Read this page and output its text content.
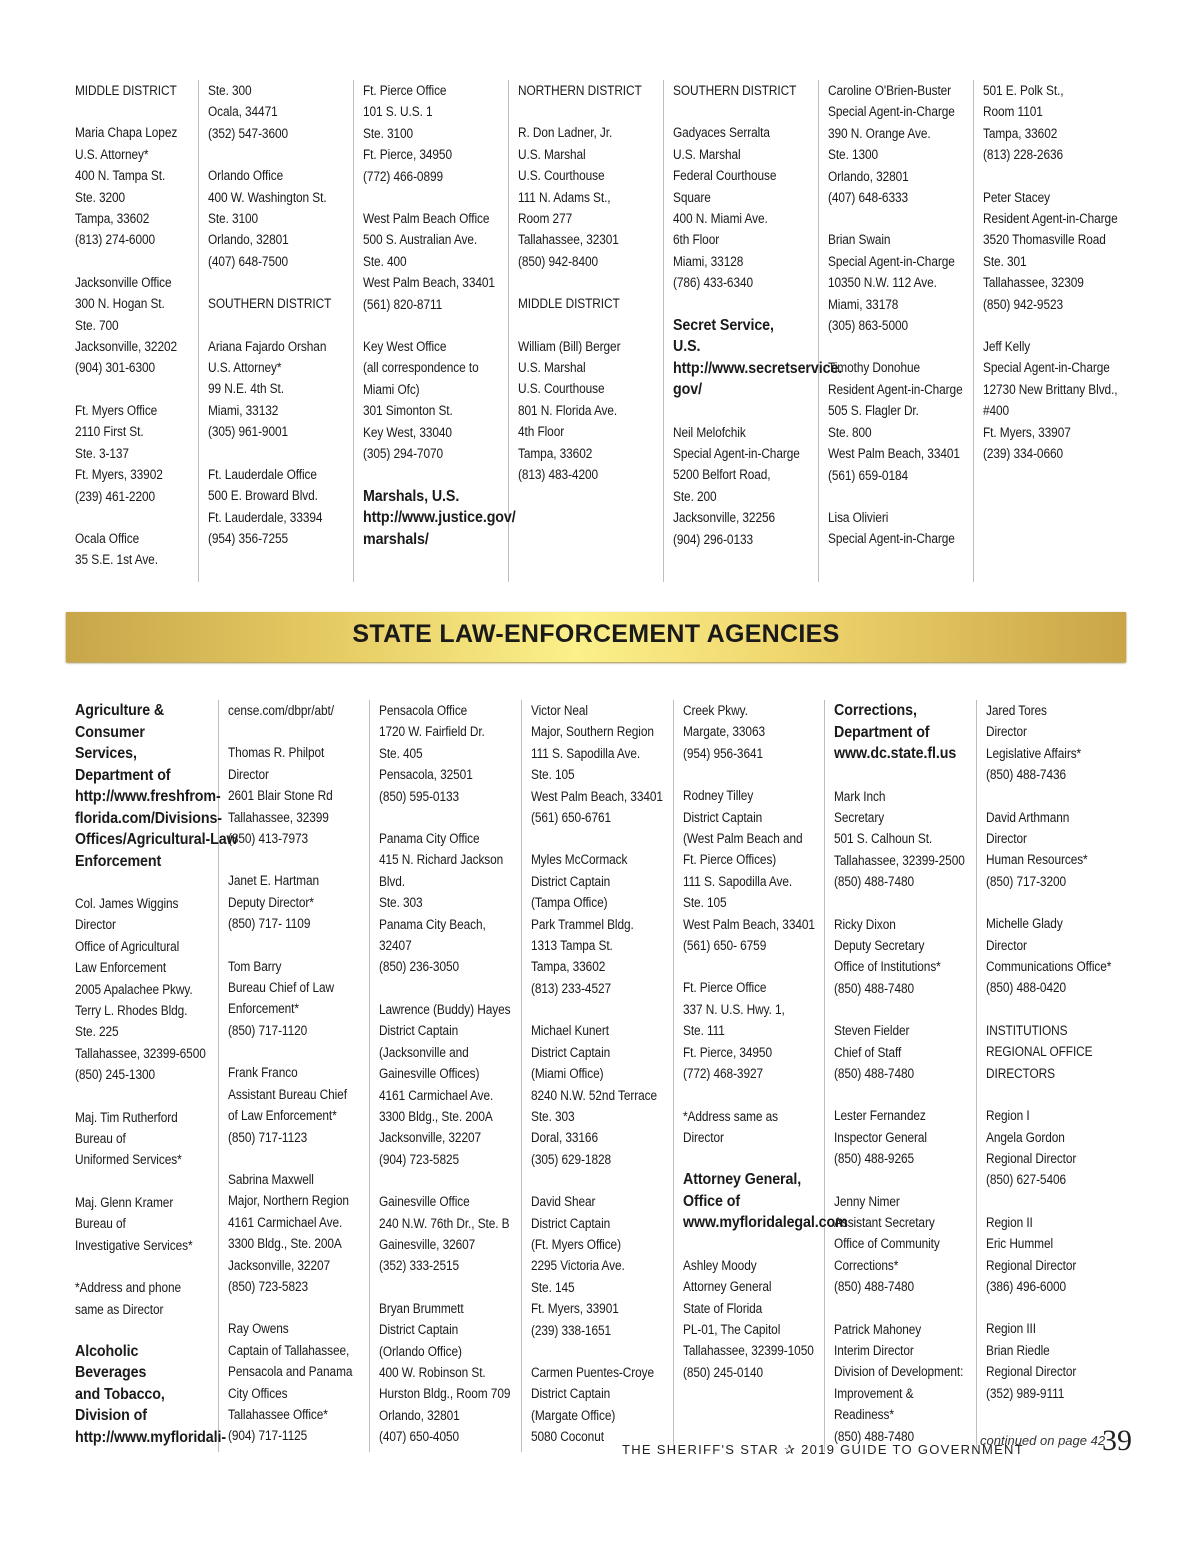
MIDDLE DISTRICT

Maria Chapa Lopez
U.S. Attorney*
400 N. Tampa St.
Ste. 3200
Tampa, 33602
(813) 274-6000

Jacksonville Office
300 N. Hogan St.
Ste. 700
Jacksonville, 32202
(904) 301-6300

Ft. Myers Office
2110 First St.
Ste. 3-137
Ft. Myers, 33902
(239) 461-2200

Ocala Office
35 S.E. 1st Ave.

Ste. 300
Ocala, 34471
(352) 547-3600

Orlando Office
400 W. Washington St.
Ste. 3100
Orlando, 32801
(407) 648-7500

SOUTHERN DISTRICT

Ariana Fajardo Orshan
U.S. Attorney*
99 N.E. 4th St.
Miami, 33132
(305) 961-9001

Ft. Lauderdale Office
500 E. Broward Blvd.
Ft. Lauderdale, 33394
(954) 356-7255

Ft. Pierce Office
101 S. U.S. 1
Ste. 3100
Ft. Pierce, 34950
(772) 466-0899

West Palm Beach Office
500 S. Australian Ave.
Ste. 400
West Palm Beach, 33401
(561) 820-8711

Key West Office
(all correspondence to
Miami Ofc)
301 Simonton St.
Key West, 33040
(305) 294-7070

Marshals, U.S.
http://www.justice.gov/
marshals/

NORTHERN DISTRICT

R. Don Ladner, Jr.
U.S. Marshal
U.S. Courthouse
111 N. Adams St.,
Room 277
Tallahassee, 32301
(850) 942-8400

MIDDLE DISTRICT

William (Bill) Berger
U.S. Marshal
U.S. Courthouse
801 N. Florida Ave.
4th Floor
Tampa, 33602
(813) 483-4200

SOUTHERN DISTRICT

Gadyaces Serralta
U.S. Marshal
Federal Courthouse
Square
400 N. Miami Ave.
6th Floor
Miami, 33128
(786) 433-6340

Secret Service,
U.S.
http://www.secretservice.
gov/

Neil Melofchik
Special Agent-in-Charge
5200 Belfort Road,
Ste. 200
Jacksonville, 32256
(904) 296-0133

Caroline O'Brien-Buster
Special Agent-in-Charge
390 N. Orange Ave.
Ste. 1300
Orlando, 32801
(407) 648-6333

Brian Swain
Special Agent-in-Charge
10350 N.W. 112 Ave.
Miami, 33178
(305) 863-5000

Timothy Donohue
Resident Agent-in-Charge
505 S. Flagler Dr.
Ste. 800
West Palm Beach, 33401
(561) 659-0184

Lisa Olivieri
Special Agent-in-Charge

501 E. Polk St.,
Room 1101
Tampa, 33602
(813) 228-2636

Peter Stacey
Resident Agent-in-Charge
3520 Thomasville Road
Ste. 301
Tallahassee, 32309
(850) 942-9523

Jeff Kelly
Special Agent-in-Charge
12730 New Brittany Blvd.,
#400
Ft. Myers, 33907
(239) 334-0660

STATE LAW-ENFORCEMENT AGENCIES

Agriculture &
Consumer
Services,
Department of
http://www.freshfrom-
florida.com/Divisions-
Offices/Agricultural-Law
Enforcement

Col. James Wiggins
Director
Office of Agricultural
Law Enforcement
2005 Apalachee Pkwy.
Terry L. Rhodes Bldg.
Ste. 225
Tallahassee, 32399-6500
(850) 245-1300

Maj. Tim Rutherford
Bureau of
Uniformed Services*

Maj. Glenn Kramer
Bureau of
Investigative Services*

*Address and phone
same as Director

Alcoholic
Beverages
and Tobacco,
Division of
http://www.myfloridali-

cense.com/dbpr/abt/

Thomas R. Philpot
Director
2601 Blair Stone Rd
Tallahassee, 32399
(850) 413-7973

Janet E. Hartman
Deputy Director*
(850) 717- 1109

Tom Barry
Bureau Chief of Law
Enforcement*
(850) 717-1120

Frank Franco
Assistant Bureau Chief
of Law Enforcement*
(850) 717-1123

Sabrina Maxwell
Major, Northern Region
4161 Carmichael Ave.
3300 Bldg., Ste. 200A
Jacksonville, 32207
(850) 723-5823

Ray Owens
Captain of Tallahassee,
Pensacola and Panama
City Offices
Tallahassee Office*
(904) 717-1125

Pensacola Office
1720 W. Fairfield Dr.
Ste. 405
Pensacola, 32501
(850) 595-0133

Panama City Office
415 N. Richard Jackson
Blvd.
Ste. 303
Panama City Beach,
32407
(850) 236-3050

Lawrence (Buddy) Hayes
District Captain
(Jacksonville and
Gainesville Offices)
4161 Carmichael Ave.
3300 Bldg., Ste. 200A
Jacksonville, 32207
(904) 723-5825

Gainesville Office
240 N.W. 76th Dr., Ste. B
Gainesville, 32607
(352) 333-2515

Bryan Brummett
District Captain
(Orlando Office)
400 W. Robinson St.
Hurston Bldg., Room 709
Orlando, 32801
(407) 650-4050

Victor Neal
Major, Southern Region
111 S. Sapodilla Ave.
Ste. 105
West Palm Beach, 33401
(561) 650-6761

Myles McCormack
District Captain
(Tampa Office)
Park Trammel Bldg.
1313 Tampa St.
Tampa, 33602
(813) 233-4527

Michael Kunert
District Captain
(Miami Office)
8240 N.W. 52nd Terrace
Ste. 303
Doral, 33166
(305) 629-1828

David Shear
District Captain
(Ft. Myers Office)
2295 Victoria Ave.
Ste. 145
Ft. Myers, 33901
(239) 338-1651

Carmen Puentes-Croye
District Captain
(Margate Office)
5080 Coconut

Creek Pkwy.
Margate, 33063
(954) 956-3641

Rodney Tilley
District Captain
(West Palm Beach and
Ft. Pierce Offices)
111 S. Sapodilla Ave.
Ste. 105
West Palm Beach, 33401
(561) 650- 6759

Ft. Pierce Office
337 N. U.S. Hwy. 1,
Ste. 111
Ft. Pierce, 34950
(772) 468-3927

*Address same as
Director

Attorney General,
Office of
www.myfloridalegal.com

Ashley Moody
Attorney General
State of Florida
PL-01, The Capitol
Tallahassee, 32399-1050
(850) 245-0140

Corrections,
Department of
www.dc.state.fl.us

Mark Inch
Secretary
501 S. Calhoun St.
Tallahassee, 32399-2500
(850) 488-7480

Ricky Dixon
Deputy Secretary
Office of Institutions*
(850) 488-7480

Steven Fielder
Chief of Staff
(850) 488-7480

Lester Fernandez
Inspector General
(850) 488-9265

Jenny Nimer
Assistant Secretary
Office of Community
Corrections*
(850) 488-7480

Patrick Mahoney
Interim Director
Division of Development:
Improvement &
Readiness*
(850) 488-7480

Jared Tores
Director
Legislative Affairs*
(850) 488-7436

David Arthmann
Director
Human Resources*
(850) 717-3200

Michelle Glady
Director
Communications Office*
(850) 488-0420

INSTITUTIONS
REGIONAL OFFICE
DIRECTORS

Region I
Angela Gordon
Regional Director
(850) 627-5406

Region II
Eric Hummel
Regional Director
(386) 496-6000

Region III
Brian Riedle
Regional Director
(352) 989-9111

continued on page 42
THE SHERIFF'S STAR ✰ 2019 GUIDE TO GOVERNMENT	39
